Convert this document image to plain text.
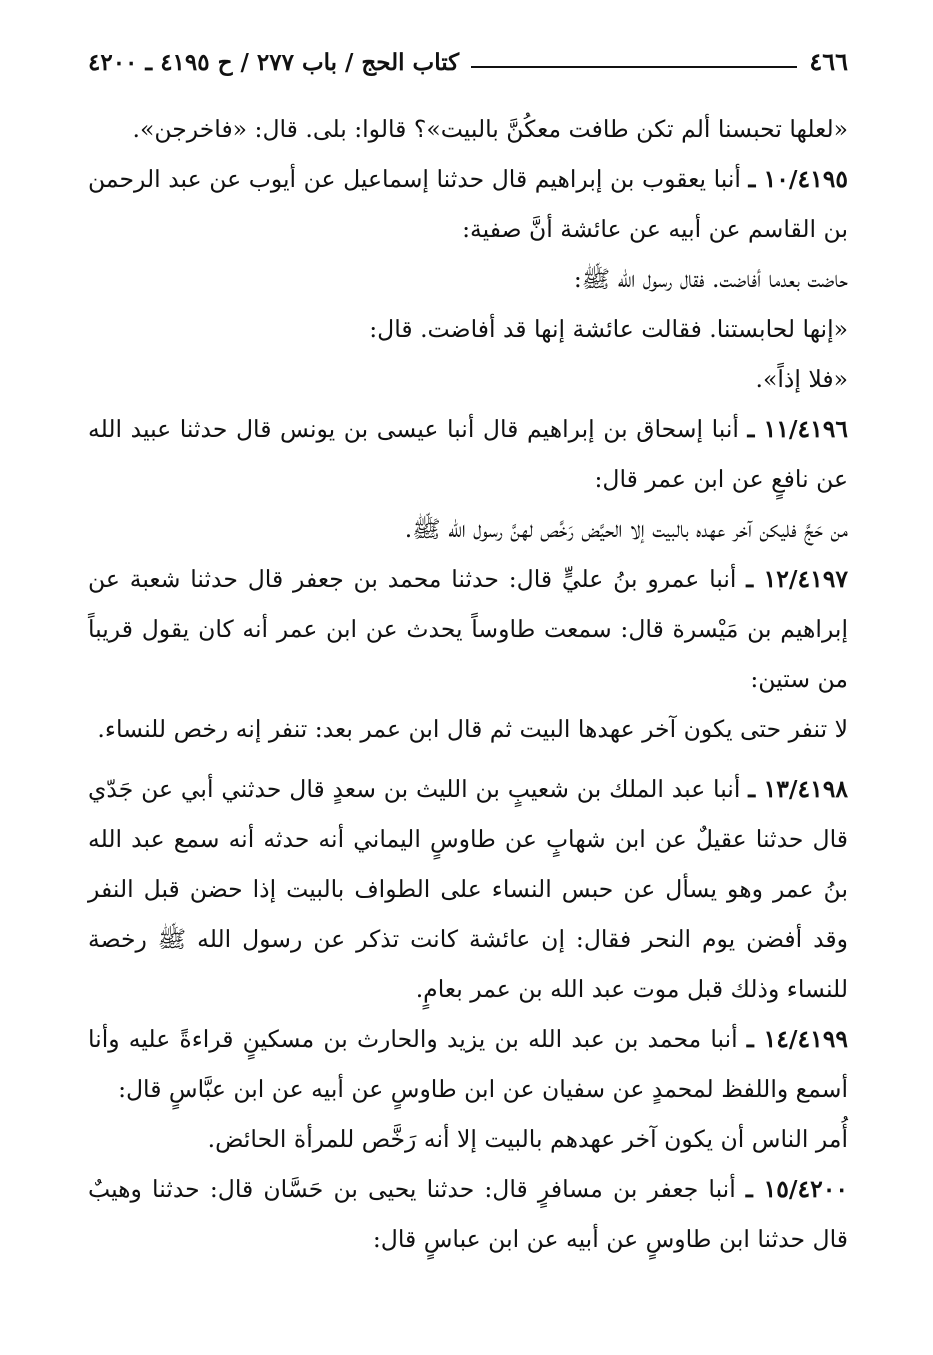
٤٦٦
كتاب الحج / باب ٢٧٧ / ح ٤١٩٥ ـ ٤٢٠٠

«لعلها تحبسنا ألم تكن طافت معكُنَّ بالبيت»؟ قالوا: بلى. قال: «فاخرجن».

١٠/٤١٩٥ ـ أنبا يعقوب بن إبراهيم قال حدثنا إسماعيل عن أيوب عن عبد الرحمن بن القاسم عن أبيه عن عائشة أنَّ صفية:

حاضت بعدما أفاضت. فقال رسول الله ﷺ:

«إنها لحابستنا. فقالت عائشة إنها قد أفاضت. قال:

«فلا إذاً».

١١/٤١٩٦ ـ أنبا إسحاق بن إبراهيم قال أنبا عيسى بن يونس قال حدثنا عبيد الله عن نافعٍ عن ابن عمر قال:

من حَجَّ فليكن آخر عهده بالبيت إلا الحيَّض رَخَّص لهنَّ رسول الله ﷺ.

١٢/٤١٩٧ ـ أنبا عمرو بنُ عليٍّ قال: حدثنا محمد بن جعفر قال حدثنا شعبة عن إبراهيم بن مَيْسرة قال: سمعت طاوساً يحدث عن ابن عمر أنه كان يقول قريباً من ستين:

لا تنفر حتى يكون آخر عهدها البيت ثم قال ابن عمر بعد: تنفر إنه رخص للنساء.

١٣/٤١٩٨ ـ أنبا عبد الملك بن شعيبٍ بن الليث بن سعدٍ قال حدثني أبي عن جَدّي قال حدثنا عقيلٌ عن ابن شهابٍ عن طاوسٍ اليماني أنه حدثه أنه سمع عبد الله بنُ عمر وهو يسأل عن حبس النساء على الطواف بالبيت إذا حضن قبل النفر وقد أفضن يوم النحر فقال: إن عائشة كانت تذكر عن رسول الله ﷺ رخصة للنساء وذلك قبل موت عبد الله بن عمر بعامٍ.

١٤/٤١٩٩ ـ أنبا محمد بن عبد الله بن يزيد والحارث بن مسكينٍ قراءةً عليه وأنا أسمع واللفظ لمحمدٍ عن سفيان عن ابن طاوسٍ عن أبيه عن ابن عبَّاسٍ قال:

أُمر الناس أن يكون آخر عهدهم بالبيت إلا أنه رَخَّص للمرأة الحائض.

١٥/٤٢٠٠ ـ أنبا جعفر بن مسافرٍ قال: حدثنا يحيى بن حَسَّان قال: حدثنا وهيبٌ قال حدثنا ابن طاوسٍ عن أبيه عن ابن عباسٍ قال:
